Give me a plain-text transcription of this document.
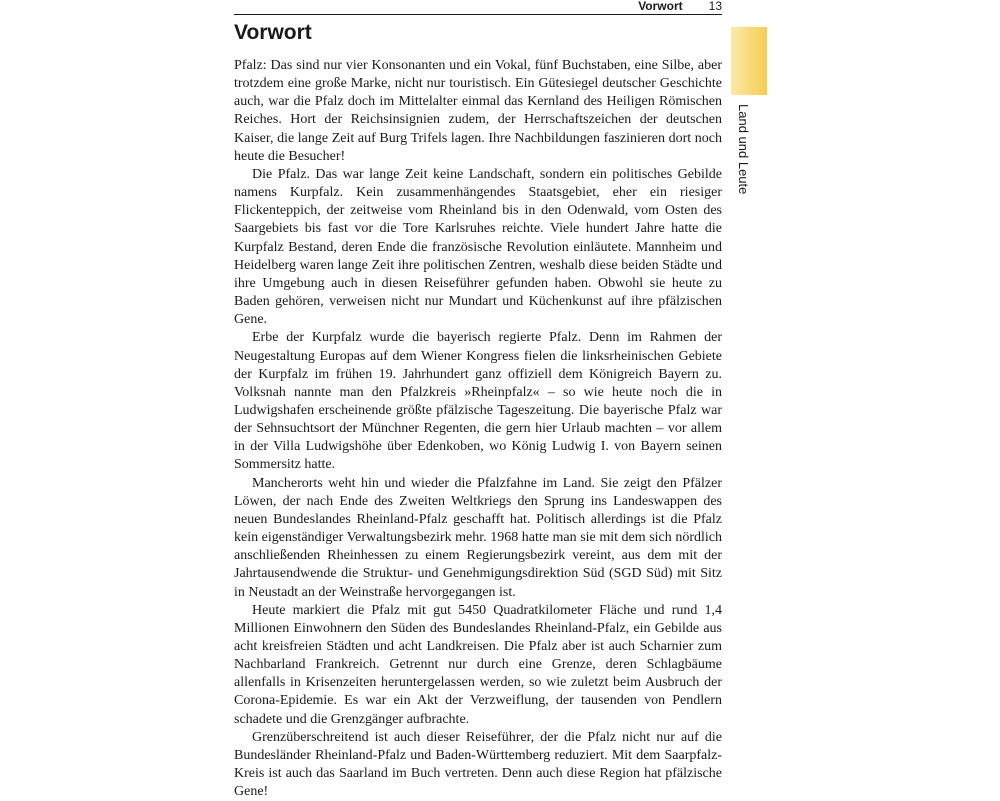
Vorwort 13
Vorwort

Pfalz: Das sind nur vier Konsonanten und ein Vokal, fünf Buchstaben, eine Silbe, aber trotzdem eine große Marke, nicht nur touristisch. Ein Gütesiegel deutscher Geschichte auch, war die Pfalz doch im Mittelalter einmal das Kernland des Heiligen Römischen Reiches. Hort der Reichsinsignien zudem, der Herrschaftszeichen der deutschen Kaiser, die lange Zeit auf Burg Trifels lagen. Ihre Nachbildungen faszinieren dort noch heute die Besucher!

Die Pfalz. Das war lange Zeit keine Landschaft, sondern ein politisches Gebilde namens Kurpfalz. Kein zusammenhängendes Staatsgebiet, eher ein riesiger Flickenteppich, der zeitweise vom Rheinland bis in den Odenwald, vom Osten des Saargebiets bis fast vor die Tore Karlsruhes reichte. Viele hundert Jahre hatte die Kurpfalz Bestand, deren Ende die französische Revolution einläutete. Mannheim und Heidelberg waren lange Zeit ihre politischen Zentren, weshalb diese beiden Städte und ihre Umgebung auch in diesen Reiseführer gefunden haben. Obwohl sie heute zu Baden gehören, verweisen nicht nur Mundart und Küchenkunst auf ihre pfälzischen Gene.

Erbe der Kurpfalz wurde die bayerisch regierte Pfalz. Denn im Rahmen der Neugestaltung Europas auf dem Wiener Kongress fielen die linksrheinischen Gebiete der Kurpfalz im frühen 19. Jahrhundert ganz offiziell dem Königreich Bayern zu. Volksnah nannte man den Pfalzkreis »Rheinpfalz« – so wie heute noch die in Ludwigshafen erscheinende größte pfälzische Tageszeitung. Die bayerische Pfalz war der Sehnsuchtsort der Münchner Regenten, die gern hier Urlaub machten – vor allem in der Villa Ludwigshöhe über Edenkoben, wo König Ludwig I. von Bayern seinen Sommersitz hatte.

Mancherorts weht hin und wieder die Pfalzfahne im Land. Sie zeigt den Pfälzer Löwen, der nach Ende des Zweiten Weltkriegs den Sprung ins Landeswappen des neuen Bundeslandes Rheinland-Pfalz geschafft hat. Politisch allerdings ist die Pfalz kein eigenständiger Verwaltungsbezirk mehr. 1968 hatte man sie mit dem sich nördlich anschließenden Rheinhessen zu einem Regierungsbezirk vereint, aus dem mit der Jahrtausendwende die Struktur- und Genehmigungsdirektion Süd (SGD Süd) mit Sitz in Neustadt an der Weinstraße hervorgegangen ist.

Heute markiert die Pfalz mit gut 5450 Quadratkilometer Fläche und rund 1,4 Millionen Einwohnern den Süden des Bundeslandes Rheinland-Pfalz, ein Gebilde aus acht kreisfreien Städten und acht Landkreisen. Die Pfalz aber ist auch Scharnier zum Nachbarland Frankreich. Getrennt nur durch eine Grenze, deren Schlagbäume allenfalls in Krisenzeiten heruntergelassen werden, so wie zuletzt beim Ausbruch der Corona-Epidemie. Es war ein Akt der Verzweiflung, der tausenden von Pendlern schadete und die Grenzgänger aufbrachte.

Grenzüberschreitend ist auch dieser Reiseführer, der die Pfalz nicht nur auf die Bundesländer Rheinland-Pfalz und Baden-Württemberg reduziert. Mit dem Saarpfalz-Kreis ist auch das Saarland im Buch vertreten. Denn auch diese Region hat pfälzische Gene!

Land und Leute
